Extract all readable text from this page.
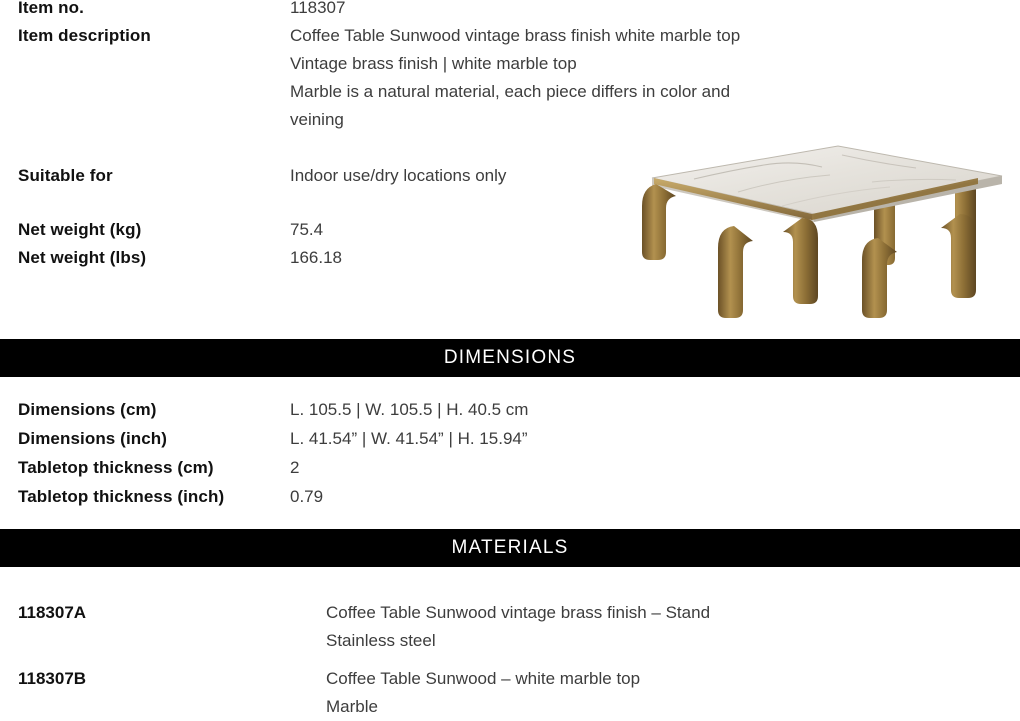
Item no.	118307
Item description	Coffee Table Sunwood vintage brass finish white marble top
Vintage brass finish | white marble top
Marble is a natural material, each piece differs in color and
veining
Suitable for	Indoor use/dry locations only
Net weight (kg)	75.4
Net weight (lbs)	166.18
DIMENSIONS
Dimensions (cm)	L. 105.5 | W. 105.5 | H. 40.5 cm
Dimensions (inch)	L. 41.54” | W. 41.54” | H. 15.94”
Tabletop thickness (cm)	2
Tabletop thickness (inch)	0.79
MATERIALS
118307A	Coffee Table Sunwood vintage brass finish – Stand
Stainless steel
118307B	Coffee Table Sunwood – white marble top
Marble
